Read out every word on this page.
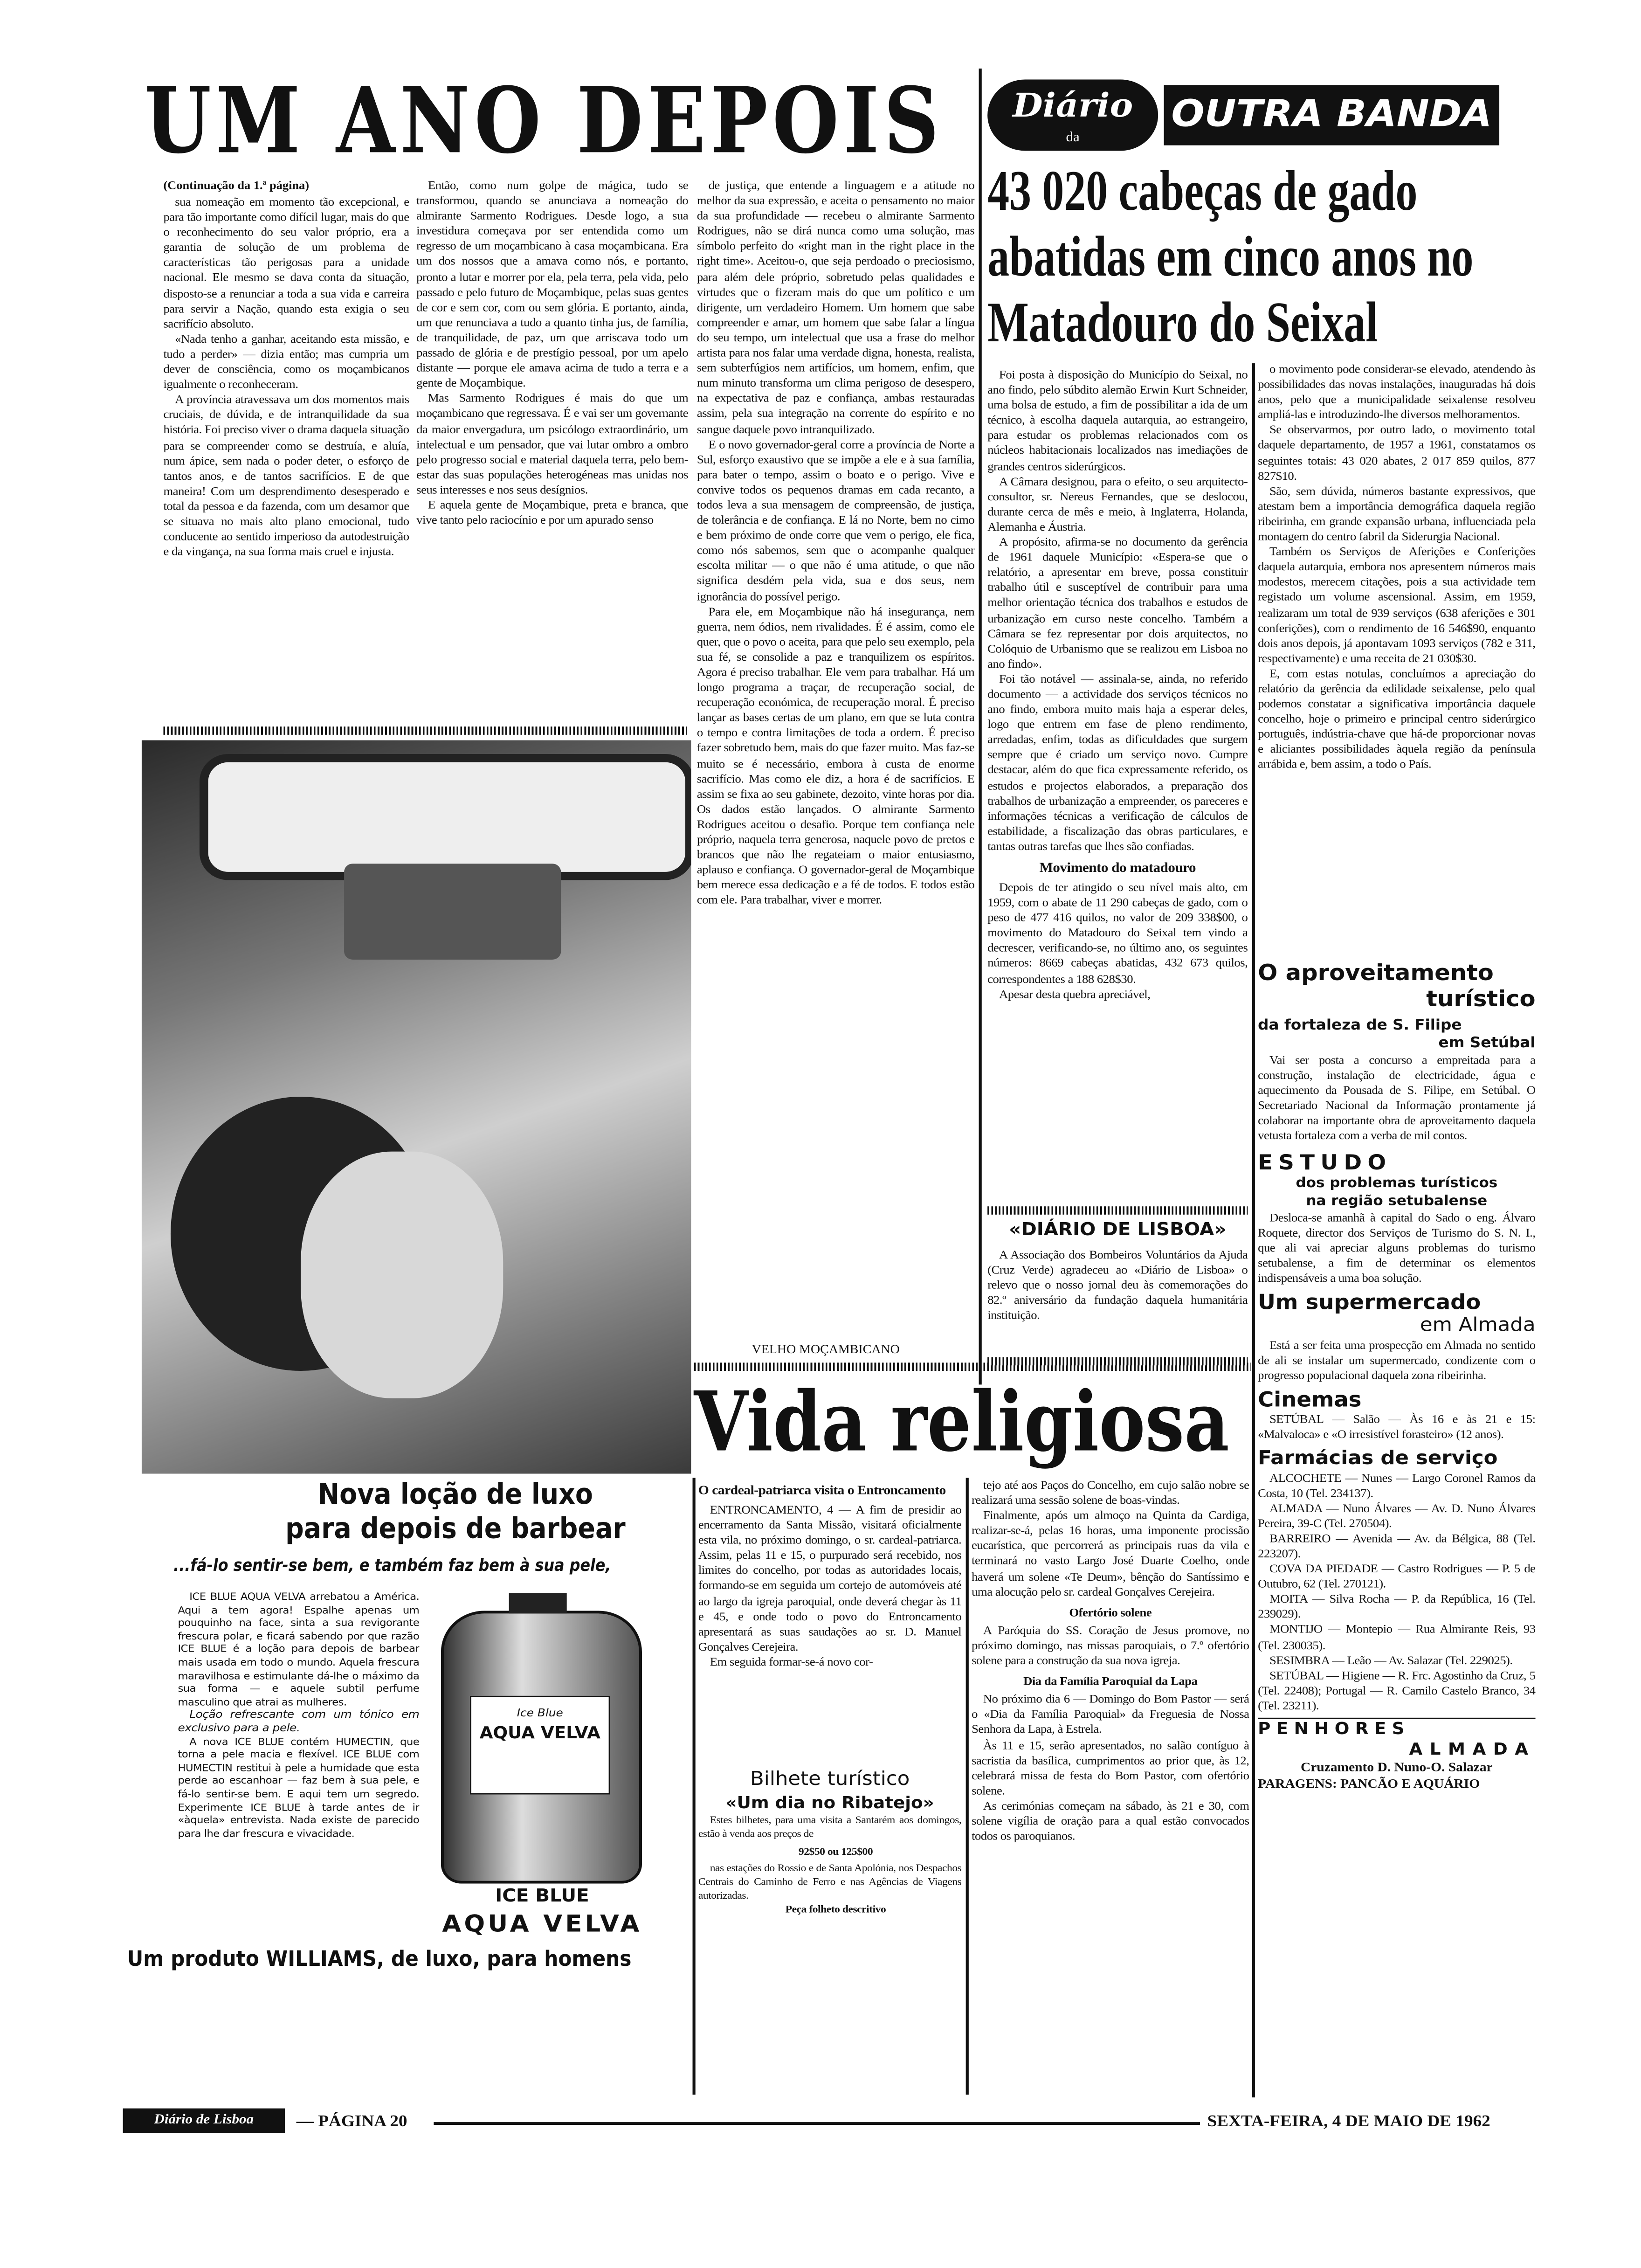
UM ANO DEPOIS
(Continuação da 1.ª página)

sua nomeação em momento tão excepcional, e para tão importante como difícil lugar, mais do que o reconhecimento do seu valor próprio, era a garantia de solução de um problema de características tão perigosas para a unidade nacional. Ele mesmo se dava conta da situação, disposto-se a renunciar a toda a sua vida e carreira para servir a Nação, quando esta exigia o seu sacrifício absoluto.

«Nada tenho a ganhar, aceitando esta missão, e tudo a perder» — dizia então; mas cumpria um dever de consciência, como os moçambicanos igualmente o reconheceram.

A província atravessava um dos momentos mais cruciais, de dúvida, e de intranquilidade da sua história. Foi preciso viver o drama daquela situação para se compreender como se destruía, e aluía, num ápice, sem nada o poder deter, o esforço de tantos anos, e de tantos sacrifícios. E de que maneira! Com um desprendimento desesperado e total da pessoa e da fazenda, com um desamor que se situava no mais alto plano emocional, tudo conducente ao sentido imperioso da autodestruição e da vingança, na sua forma mais cruel e injusta.

Então, como num golpe de mágica, tudo se transformou, quando se anunciava a nomeação do almirante Sarmento Rodrigues. Desde logo, a sua investidura começava por ser entendida como um regresso de um moçambicano à casa moçambicana. Era um dos nossos que a amava como nós, e portanto, pronto a lutar e morrer por ela, pela terra, pela vida, pelo passado e pelo futuro de Moçambique, pelas suas gentes de cor e sem cor, com ou sem glória. E portanto, ainda, um que renunciava a tudo a quanto tinha jus, de família, de tranquilidade, de paz, um que arriscava todo um passado de glória e de prestígio pessoal, por um apelo distante — porque ele amava acima de tudo a terra e a gente de Moçambique.

Mas Sarmento Rodrigues é mais do que um moçambicano que regressava. É e vai ser um governante da maior envergadura, um psicólogo extraordinário, um intelectual e um pensador, que vai lutar ombro a ombro pelo progresso social e material daquela terra, pelo bem-estar das suas populações heterogéneas mas unidas nos seus interesses e nos seus desígnios.

E aquela gente de Moçambique, preta e branca, que vive tanto pelo raciocínio e por um apurado senso

de justiça, que entende a linguagem e a atitude no melhor da sua expressão, e aceita o pensamento no maior da sua profundidade — recebeu o almirante Sarmento Rodrigues, não se dirá nunca como uma solução, mas símbolo perfeito do «right man in the right place in the right time». Aceitou-o, que seja perdoado o preciosismo, para além dele próprio, sobretudo pelas qualidades e virtudes que o fizeram mais do que um político e um dirigente, um verdadeiro Homem. Um homem que sabe compreender e amar, um homem que sabe falar a língua do seu tempo, um intelectual que usa a frase do melhor artista para nos falar uma verdade digna, honesta, realista, sem subterfúgios nem artifícios, um homem, enfim, que num minuto transforma um clima perigoso de desespero, na expectativa de paz e confiança, ambas restauradas assim, pela sua integração na corrente do espírito e no sangue daquele povo intranquilizado.

E o novo governador-geral corre a província de Norte a Sul, esforço exaustivo que se impõe a ele e à sua família, para bater o tempo, assim o boato e o perigo. Vive e convive todos os pequenos dramas em cada recanto, a todos leva a sua mensagem de compreensão, de justiça, de tolerância e de confiança. E lá no Norte, bem no cimo e bem próximo de onde corre que vem o perigo, ele fica, como nós sabemos, sem que o acompanhe qualquer escolta militar — o que não é uma atitude, o que não significa desdém pela vida, sua e dos seus, nem ignorância do possível perigo.

Para ele, em Moçambique não há insegurança, nem guerra, nem ódios, nem rivalidades. É é assim, como ele quer, que o povo o aceita, para que pelo seu exemplo, pela sua fé, se consolide a paz e tranquilizem os espíritos. Agora é preciso trabalhar. Ele vem para trabalhar. Há um longo programa a traçar, de recuperação social, de recuperação económica, de recuperação moral. É preciso lançar as bases certas de um plano, em que se luta contra o tempo e contra limitações de toda a ordem. É preciso fazer sobretudo bem, mais do que fazer muito. Mas faz-se muito se é necessário, embora à custa de enorme sacrifício. Mas como ele diz, a hora é de sacrifícios. E assim se fixa ao seu gabinete, dezoito, vinte horas por dia. Os dados estão lançados. O almirante Sarmento Rodrigues aceitou o desafio. Porque tem confiança nele próprio, naquela terra generosa, naquele povo de pretos e brancos que não lhe regateiam o maior entusiasmo, aplauso e confiança. O governador-geral de Moçambique bem merece essa dedicação e a fé de todos. E todos estão com ele. Para trabalhar, viver e morrer.

VELHO MOÇAMBICANO
Nova loção de luxo
para depois de barbear
...fá-lo sentir-se bem, e também faz bem à sua pele,

ICE BLUE AQUA VELVA arrebatou a América. Aqui a tem agora! Espalhe apenas um pouquinho na face, sinta a sua revigorante frescura polar, e ficará sabendo por que razão ICE BLUE é a loção para depois de barbear mais usada em todo o mundo. Aquela frescura maravilhosa e estimulante dá-lhe o máximo da sua forma — e aquele subtil perfume masculino que atrai as mulheres.

Loção refrescante com um tónico em exclusivo para a pele.

A nova ICE BLUE contém HUMECTIN, que torna a pele macia e flexível. ICE BLUE com HUMECTIN restitui à pele a humidade que esta perde ao escanhoar — faz bem à sua pele, e fá-lo sentir-se bem. E aqui tem um segredo. Experimente ICE BLUE à tarde antes de ir «àquela» entrevista. Nada existe de parecido para lhe dar frescura e vivacidade.

Ice Blue
AQUA VELVA
ICE BLUE
AQUA VELVA
Um produto WILLIAMS, de luxo, para homens
Diário
da
OUTRA BANDA
43 020 cabeças de gado abatidas em cinco anos no Matadouro do Seixal

Foi posta à disposição do Município do Seixal, no ano findo, pelo súbdito alemão Erwin Kurt Schneider, uma bolsa de estudo, a fim de possibilitar a ida de um técnico, à escolha daquela autarquia, ao estrangeiro, para estudar os problemas relacionados com os núcleos habitacionais localizados nas imediações de grandes centros siderúrgicos.

A Câmara designou, para o efeito, o seu arquitecto-consultor, sr. Nereus Fernandes, que se deslocou, durante cerca de mês e meio, à Inglaterra, Holanda, Alemanha e Áustria.

A propósito, afirma-se no documento da gerência de 1961 daquele Município: «Espera-se que o relatório, a apresentar em breve, possa constituir trabalho útil e susceptível de contribuir para uma melhor orientação técnica dos trabalhos e estudos de urbanização em curso neste concelho. Também a Câmara se fez representar por dois arquitectos, no Colóquio de Urbanismo que se realizou em Lisboa no ano findo».

Foi tão notável — assinala-se, ainda, no referido documento — a actividade dos serviços técnicos no ano findo, embora muito mais haja a esperar deles, logo que entrem em fase de pleno rendimento, arredadas, enfim, todas as dificuldades que surgem sempre que é criado um serviço novo. Cumpre destacar, além do que fica expressamente referido, os estudos e projectos elaborados, a preparação dos trabalhos de urbanização a empreender, os pareceres e informações técnicas a verificação de cálculos de estabilidade, a fiscalização das obras particulares, e tantas outras tarefas que lhes são confiadas.

Movimento do matadouro

Depois de ter atingido o seu nível mais alto, em 1959, com o abate de 11 290 cabeças de gado, com o peso de 477 416 quilos, no valor de 209 338$00, o movimento do Matadouro do Seixal tem vindo a decrescer, verificando-se, no último ano, os seguintes números: 8669 cabeças abatidas, 432 673 quilos, correspondentes a 188 628$30.

Apesar desta quebra apreciável,

«DIÁRIO DE LISBOA»

A Associação dos Bombeiros Voluntários da Ajuda (Cruz Verde) agradeceu ao «Diário de Lisboa» o relevo que o nosso jornal deu às comemorações do 82.º aniversário da fundação daquela humanitária instituição.

o movimento pode considerar-se elevado, atendendo às possibilidades das novas instalações, inauguradas há dois anos, pelo que a municipalidade seixalense resolveu ampliá-las e introduzindo-lhe diversos melhoramentos.

Se observarmos, por outro lado, o movimento total daquele departamento, de 1957 a 1961, constatamos os seguintes totais: 43 020 abates, 2 017 859 quilos, 877 827$10.

São, sem dúvida, números bastante expressivos, que atestam bem a importância demográfica daquela região ribeirinha, em grande expansão urbana, influenciada pela montagem do centro fabril da Siderurgia Nacional.

Também os Serviços de Aferições e Conferições daquela autarquia, embora nos apresentem números mais modestos, merecem citações, pois a sua actividade tem registado um volume ascensional. Assim, em 1959, realizaram um total de 939 serviços (638 aferições e 301 conferições), com o rendimento de 16 546$90, enquanto dois anos depois, já apontavam 1093 serviços (782 e 311, respectivamente) e uma receita de 21 030$30.

E, com estas notulas, concluímos a apreciação do relatório da gerência da edilidade seixalense, pelo qual podemos constatar a significativa importância daquele concelho, hoje o primeiro e principal centro siderúrgico português, indústria-chave que há-de proporcionar novas e aliciantes possibilidades àquela região da península arrábida e, bem assim, a todo o País.

O aproveitamento
turístico
da fortaleza de S. Filipe
em Setúbal

Vai ser posta a concurso a empreitada para a construção, instalação de electricidade, água e aquecimento da Pousada de S. Filipe, em Setúbal. O Secretariado Nacional da Informação prontamente já colaborar na importante obra de aproveitamento daquela vetusta fortaleza com a verba de mil contos.

ESTUDO
dos problemas turísticos
na região setubalense

Desloca-se amanhã à capital do Sado o eng. Álvaro Roquete, director dos Serviços de Turismo do S. N. I., que ali vai apreciar alguns problemas do turismo setubalense, a fim de determinar os elementos indispensáveis a uma boa solução.

Um supermercado
em Almada

Está a ser feita uma prospecção em Almada no sentido de ali se instalar um supermercado, condizente com o progresso populacional daquela zona ribeirinha.

Cinemas

SETÚBAL — Salão — Às 16 e às 21 e 15: «Malvaloca» e «O irresistível forasteiro» (12 anos).

Farmácias de serviço

ALCOCHETE — Nunes — Largo Coronel Ramos da Costa, 10 (Tel. 234137).

ALMADA — Nuno Álvares — Av. D. Nuno Álvares Pereira, 39-C (Tel. 270504).

BARREIRO — Avenida — Av. da Bélgica, 88 (Tel. 223207).

COVA DA PIEDADE — Castro Rodrigues — P. 5 de Outubro, 62 (Tel. 270121).

MOITA — Silva Rocha — P. da República, 16 (Tel. 239029).

MONTIJO — Montepio — Rua Almirante Reis, 93 (Tel. 230035).

SESIMBRA — Leão — Av. Salazar (Tel. 229025).

SETÚBAL — Higiene — R. Frc. Agostinho da Cruz, 5 (Tel. 22408); Portugal — R. Camilo Castelo Branco, 34 (Tel. 23211).

PENHORES
ALMADA
Cruzamento D. Nuno-O. Salazar
PARAGENS: PANCÃO E AQUÁRIO
Vida religiosa

O cardeal-patriarca visita o Entroncamento

ENTRONCAMENTO, 4 — A fim de presidir ao encerramento da Santa Missão, visitará oficialmente esta vila, no próximo domingo, o sr. cardeal-patriarca. Assim, pelas 11 e 15, o purpurado será recebido, nos limites do concelho, por todas as autoridades locais, formando-se em seguida um cortejo de automóveis até ao largo da igreja paroquial, onde deverá chegar às 11 e 45, e onde todo o povo do Entroncamento apresentará as suas saudações ao sr. D. Manuel Gonçalves Cerejeira.

Em seguida formar-se-á novo cor-

Bilhete turístico
«Um dia no Ribatejo»

Estes bilhetes, para uma visita a Santarém aos domingos, estão à venda aos preços de

92$50 ou 125$00

nas estações do Rossio e de Santa Apolónia, nos Despachos Centrais do Caminho de Ferro e nas Agências de Viagens autorizadas.

Peça folheto descritivo

tejo até aos Paços do Concelho, em cujo salão nobre se realizará uma sessão solene de boas-vindas.

Finalmente, após um almoço na Quinta da Cardiga, realizar-se-á, pelas 16 horas, uma imponente procissão eucarística, que percorrerá as principais ruas da vila e terminará no vasto Largo José Duarte Coelho, onde haverá um solene «Te Deum», bênção do Santíssimo e uma alocução pelo sr. cardeal Gonçalves Cerejeira.

Ofertório solene

A Paróquia do SS. Coração de Jesus promove, no próximo domingo, nas missas paroquiais, o 7.º ofertório solene para a construção da sua nova igreja.

Dia da Família Paroquial da Lapa

No próximo dia 6 — Domingo do Bom Pastor — será o «Dia da Família Paroquial» da Freguesia de Nossa Senhora da Lapa, à Estrela.

Às 11 e 15, serão apresentados, no salão contíguo à sacristia da basílica, cumprimentos ao prior que, às 12, celebrará missa de festa do Bom Pastor, com ofertório solene.

As cerimónias começam na sábado, às 21 e 30, com solene vigília de oração para a qual estão convocados todos os paroquianos.

Diário de Lisboa	— PÁGINA 20	SEXTA-FEIRA, 4 DE MAIO DE 1962
